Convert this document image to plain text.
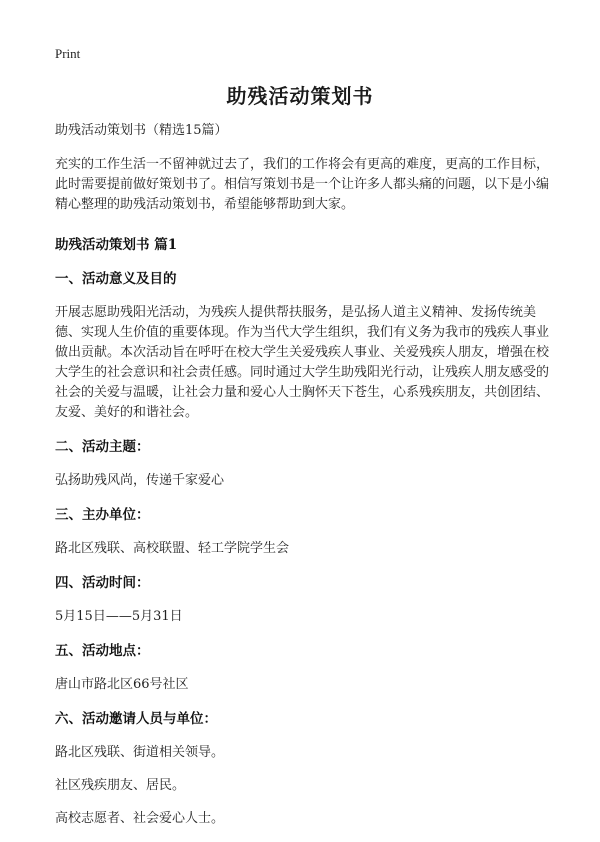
Print
助残活动策划书

助残活动策划书（精选15篇）

充实的工作生活一不留神就过去了，我们的工作将会有更高的难度，更高的工作目标，此时需要提前做好策划书了。相信写策划书是一个让许多人都头痛的问题，以下是小编精心整理的助残活动策划书，希望能够帮助到大家。

助残活动策划书 篇1
一、活动意义及目的

开展志愿助残阳光活动，为残疾人提供帮扶服务，是弘扬人道主义精神、发扬传统美德、实现人生价值的重要体现。作为当代大学生组织，我们有义务为我市的残疾人事业做出贡献。本次活动旨在呼吁在校大学生关爱残疾人事业、关爱残疾人朋友，增强在校大学生的社会意识和社会责任感。同时通过大学生助残阳光行动，让残疾人朋友感受的社会的关爱与温暖，让社会力量和爱心人士胸怀天下苍生，心系残疾朋友，共创团结、友爱、美好的和谐社会。

二、活动主题：

弘扬助残风尚，传递千家爱心

三、主办单位：

路北区残联、高校联盟、轻工学院学生会

四、活动时间：

5月15日——5月31日

五、活动地点：

唐山市路北区66号社区

六、活动邀请人员与单位：

路北区残联、街道相关领导。

社区残疾朋友、居民。

高校志愿者、社会爱心人士。
